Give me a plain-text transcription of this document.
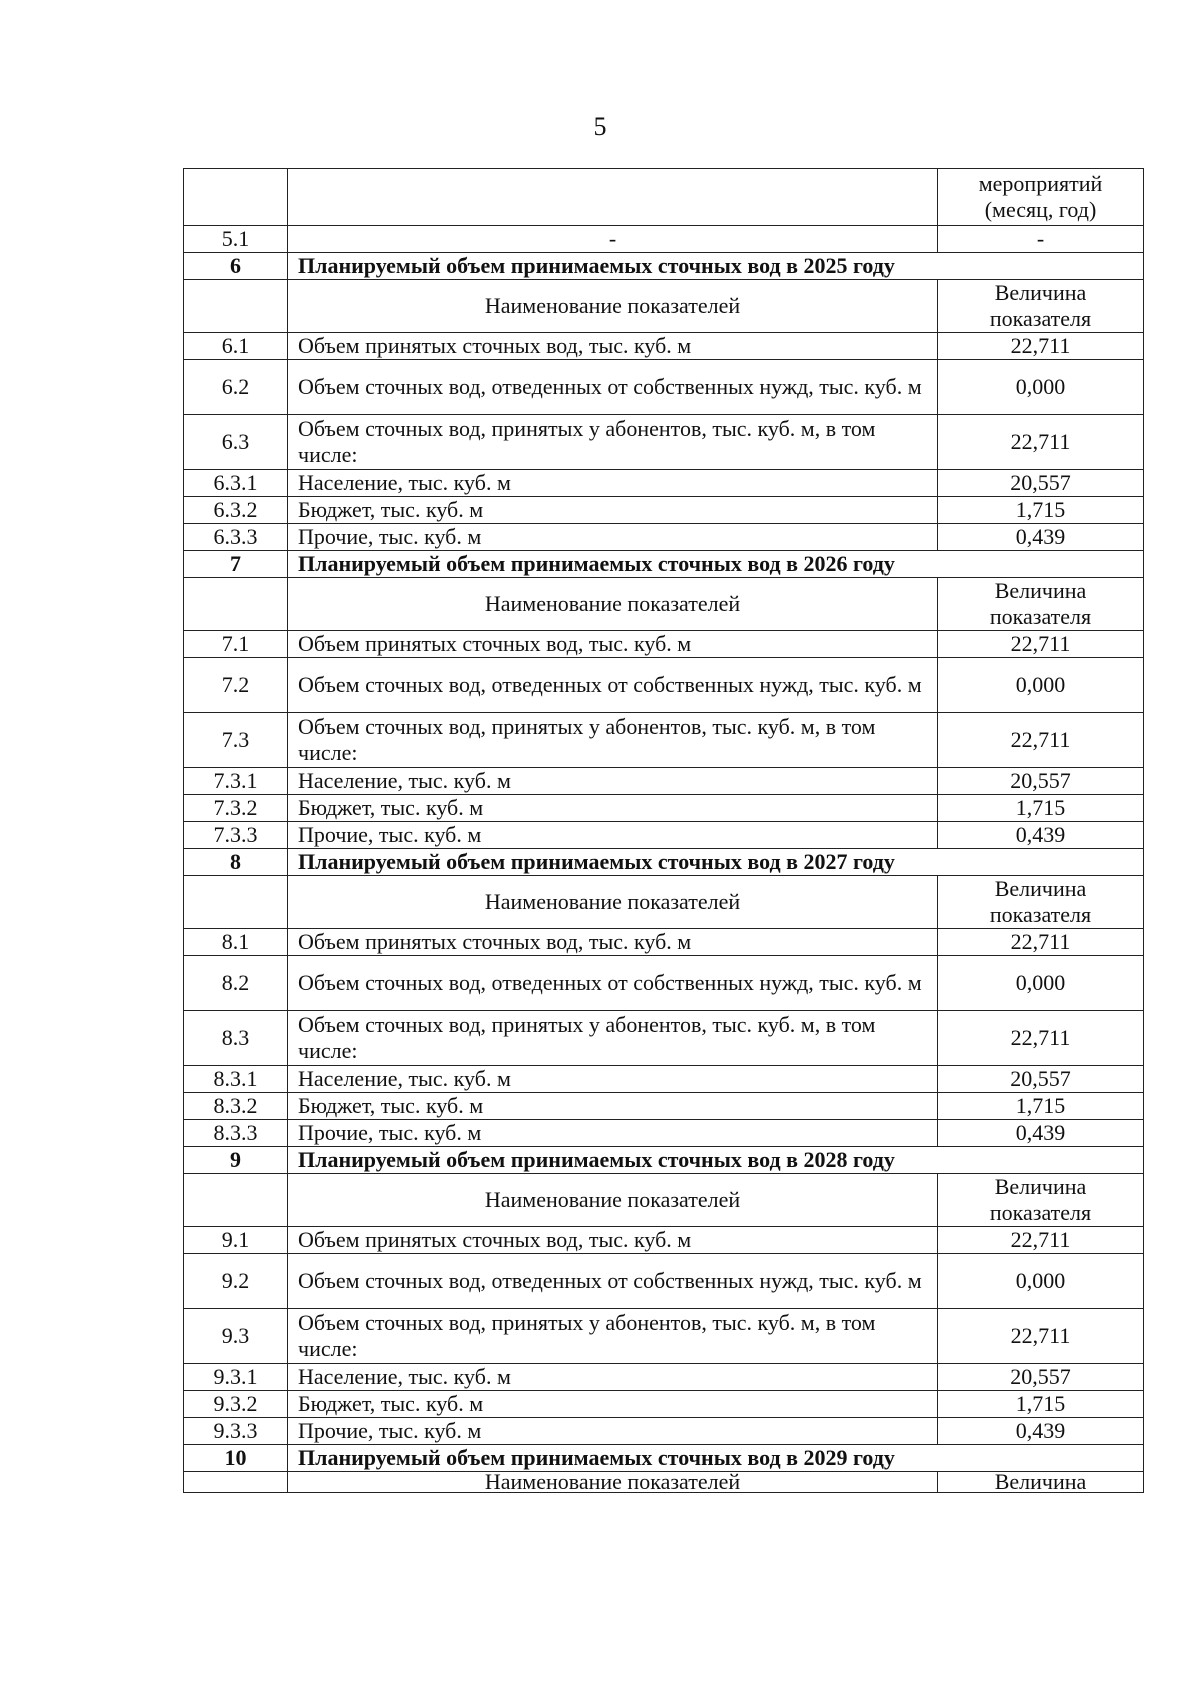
5
		мероприятий (месяц, год)
5.1	-	-
6	Планируемый объем принимаемых сточных вод в 2025 году	
	Наименование показателей	Величина показателя
6.1	Объем принятых сточных вод, тыс. куб. м	22,711
6.2	Объем сточных вод, отведенных от собственных нужд, тыс. куб. м	0,000
6.3	Объем сточных вод, принятых у абонентов, тыс. куб. м, в том числе:	22,711
6.3.1	Население, тыс. куб. м	20,557
6.3.2	Бюджет, тыс. куб. м	1,715
6.3.3	Прочие, тыс. куб. м	0,439
7	Планируемый объем принимаемых сточных вод в 2026 году	
	Наименование показателей	Величина показателя
7.1	Объем принятых сточных вод, тыс. куб. м	22,711
7.2	Объем сточных вод, отведенных от собственных нужд, тыс. куб. м	0,000
7.3	Объем сточных вод, принятых у абонентов, тыс. куб. м, в том числе:	22,711
7.3.1	Население, тыс. куб. м	20,557
7.3.2	Бюджет, тыс. куб. м	1,715
7.3.3	Прочие, тыс. куб. м	0,439
8	Планируемый объем принимаемых сточных вод в 2027 году	
	Наименование показателей	Величина показателя
8.1	Объем принятых сточных вод, тыс. куб. м	22,711
8.2	Объем сточных вод, отведенных от собственных нужд, тыс. куб. м	0,000
8.3	Объем сточных вод, принятых у абонентов, тыс. куб. м, в том числе:	22,711
8.3.1	Население, тыс. куб. м	20,557
8.3.2	Бюджет, тыс. куб. м	1,715
8.3.3	Прочие, тыс. куб. м	0,439
9	Планируемый объем принимаемых сточных вод в 2028 году	
	Наименование показателей	Величина показателя
9.1	Объем принятых сточных вод, тыс. куб. м	22,711
9.2	Объем сточных вод, отведенных от собственных нужд, тыс. куб. м	0,000
9.3	Объем сточных вод, принятых у абонентов, тыс. куб. м, в том числе:	22,711
9.3.1	Население, тыс. куб. м	20,557
9.3.2	Бюджет, тыс. куб. м	1,715
9.3.3	Прочие, тыс. куб. м	0,439
10	Планируемый объем принимаемых сточных вод в 2029 году	
	Наименование показателей	Величина
